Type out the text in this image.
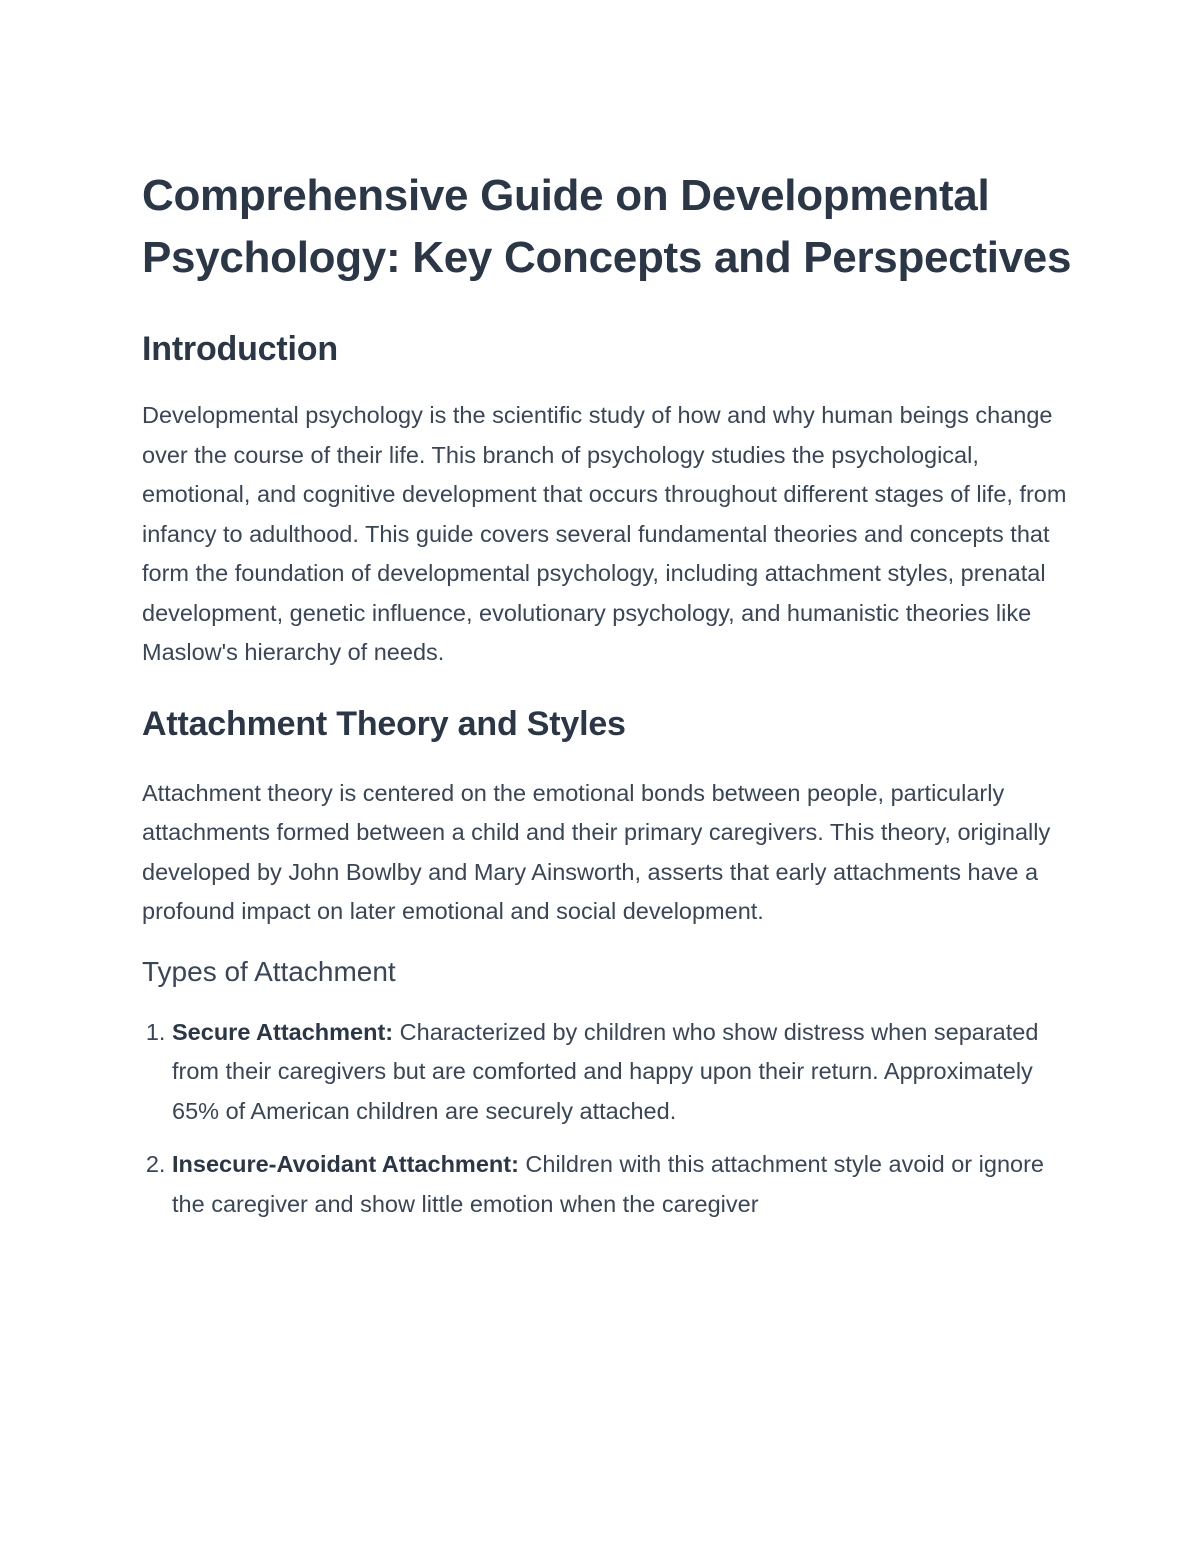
Comprehensive Guide on Developmental Psychology: Key Concepts and Perspectives
Introduction

Developmental psychology is the scientific study of how and why human beings change over the course of their life. This branch of psychology studies the psychological, emotional, and cognitive development that occurs throughout different stages of life, from infancy to adulthood. This guide covers several fundamental theories and concepts that form the foundation of developmental psychology, including attachment styles, prenatal development, genetic influence, evolutionary psychology, and humanistic theories like Maslow's hierarchy of needs.

Attachment Theory and Styles

Attachment theory is centered on the emotional bonds between people, particularly attachments formed between a child and their primary caregivers. This theory, originally developed by John Bowlby and Mary Ainsworth, asserts that early attachments have a profound impact on later emotional and social development.

Types of Attachment
1. Secure Attachment: Characterized by children who show distress when separated from their caregivers but are comforted and happy upon their return. Approximately 65% of American children are securely attached.
2. Insecure-Avoidant Attachment: Children with this attachment style avoid or ignore the caregiver and show little emotion when the caregiver
